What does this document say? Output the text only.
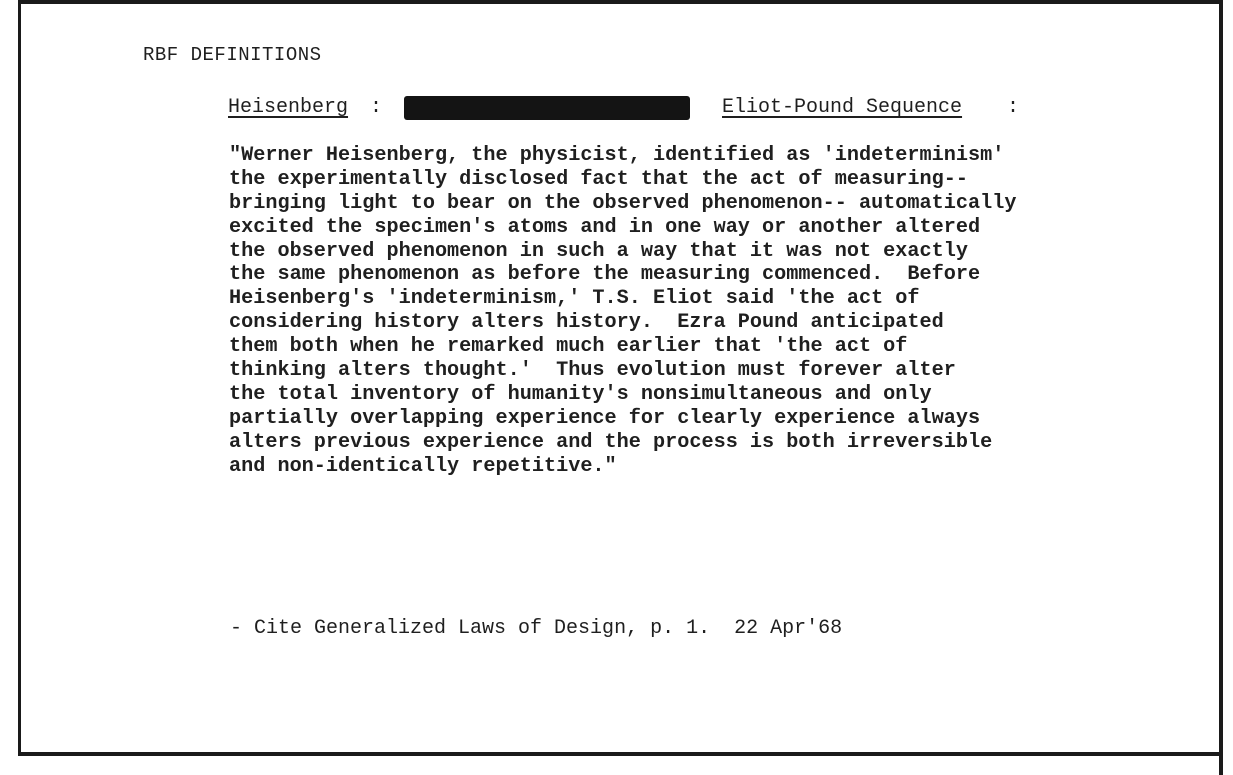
RBF DEFINITIONS
Heisenberg :	Eliot-Pound Sequence :
"Werner Heisenberg, the physicist, identified as 'indeterminism'
the experimentally disclosed fact that the act of measuring--
bringing light to bear on the observed phenomenon-- automatically
excited the specimen's atoms and in one way or another altered
the observed phenomenon in such a way that it was not exactly
the same phenomenon as before the measuring commenced.  Before
Heisenberg's 'indeterminism,' T.S. Eliot said 'the act of
considering history alters history.  Ezra Pound anticipated
them both when he remarked much earlier that 'the act of
thinking alters thought.'  Thus evolution must forever alter
the total inventory of humanity's nonsimultaneous and only
partially overlapping experience for clearly experience always
alters previous experience and the process is both irreversible
and non-identically repetitive."
- Cite Generalized Laws of Design, p. 1.  22 Apr'68
